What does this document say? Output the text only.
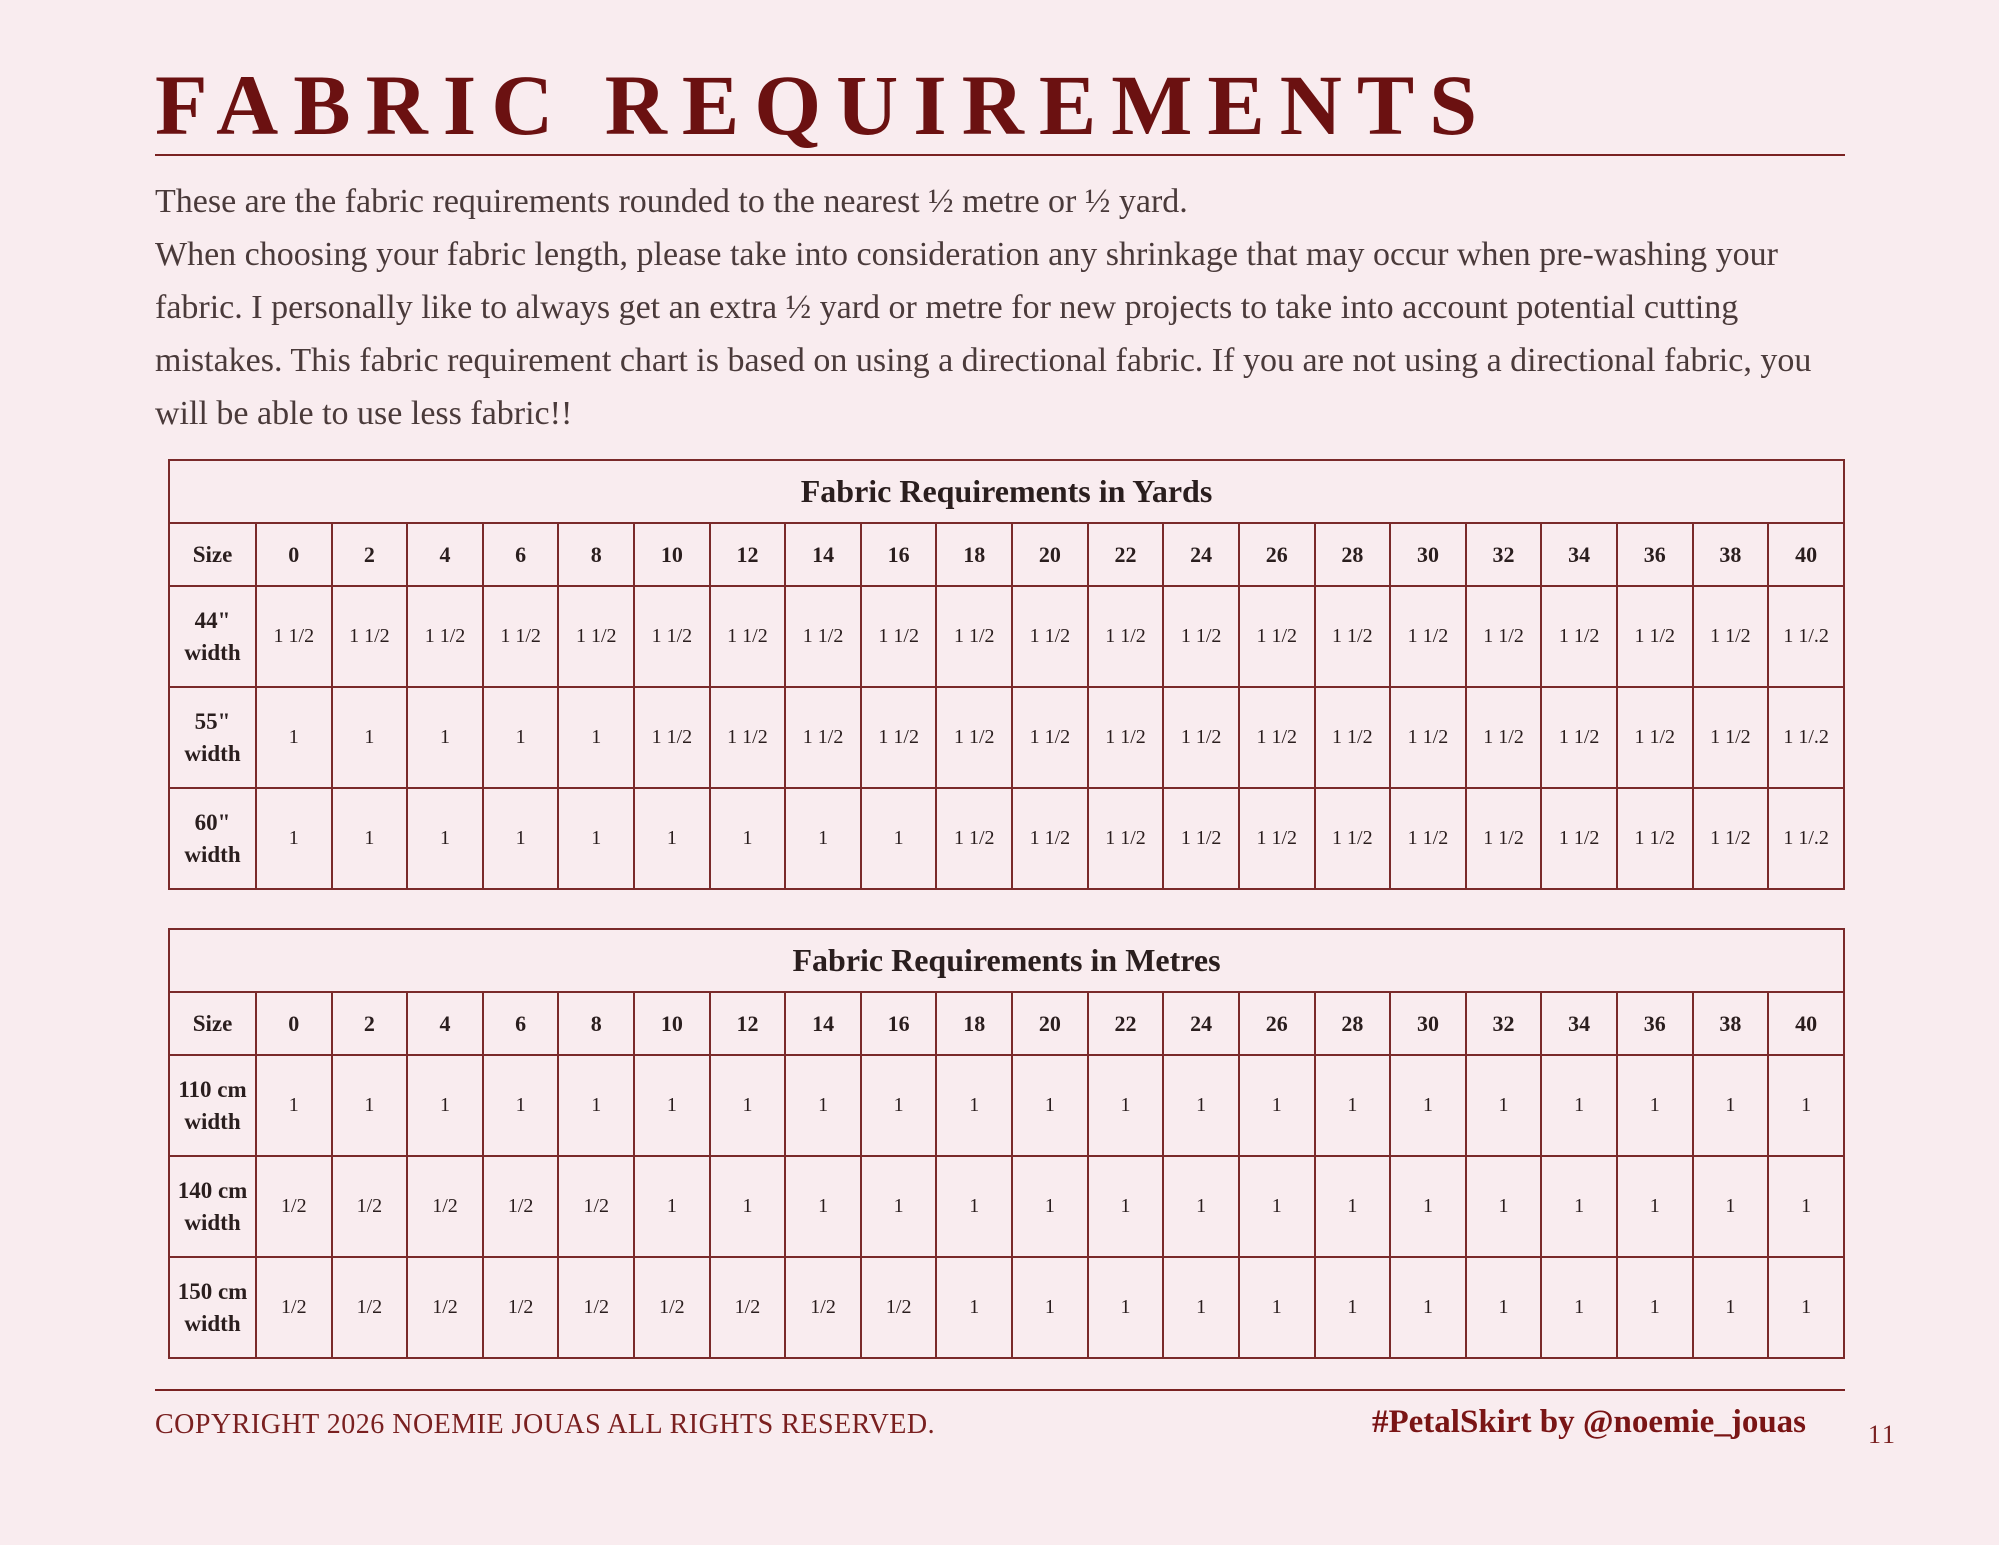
FABRIC REQUIREMENTS

These are the fabric requirements rounded to the nearest ½ metre or ½ yard.

When choosing your fabric length, please take into consideration any shrinkage that may occur when pre-washing your fabric. I personally like to always get an extra ½ yard or metre for new projects to take into account potential cutting mistakes. This fabric requirement chart is based on using a directional fabric. If you are not using a directional fabric, you will be able to use less fabric!!

Fabric Requirements in Yards																					
Size	0	2	4	6	8	10	12	14	16	18	20	22	24	26	28	30	32	34	36	38	40
44" width	1 1/2	1 1/2	1 1/2	1 1/2	1 1/2	1 1/2	1 1/2	1 1/2	1 1/2	1 1/2	1 1/2	1 1/2	1 1/2	1 1/2	1 1/2	1 1/2	1 1/2	1 1/2	1 1/2	1 1/2	1 1/.2
55" width	1	1	1	1	1	1 1/2	1 1/2	1 1/2	1 1/2	1 1/2	1 1/2	1 1/2	1 1/2	1 1/2	1 1/2	1 1/2	1 1/2	1 1/2	1 1/2	1 1/2	1 1/.2
60" width	1	1	1	1	1	1	1	1	1	1 1/2	1 1/2	1 1/2	1 1/2	1 1/2	1 1/2	1 1/2	1 1/2	1 1/2	1 1/2	1 1/2	1 1/.2
Fabric Requirements in Metres																					
Size	0	2	4	6	8	10	12	14	16	18	20	22	24	26	28	30	32	34	36	38	40
110 cm width	1	1	1	1	1	1	1	1	1	1	1	1	1	1	1	1	1	1	1	1	1
140 cm width	1/2	1/2	1/2	1/2	1/2	1	1	1	1	1	1	1	1	1	1	1	1	1	1	1	1
150 cm width	1/2	1/2	1/2	1/2	1/2	1/2	1/2	1/2	1/2	1	1	1	1	1	1	1	1	1	1	1	1
COPYRIGHT 2026 NOEMIE JOUAS ALL RIGHTS RESERVED.	#PetalSkirt by @noemie_jouas 11
